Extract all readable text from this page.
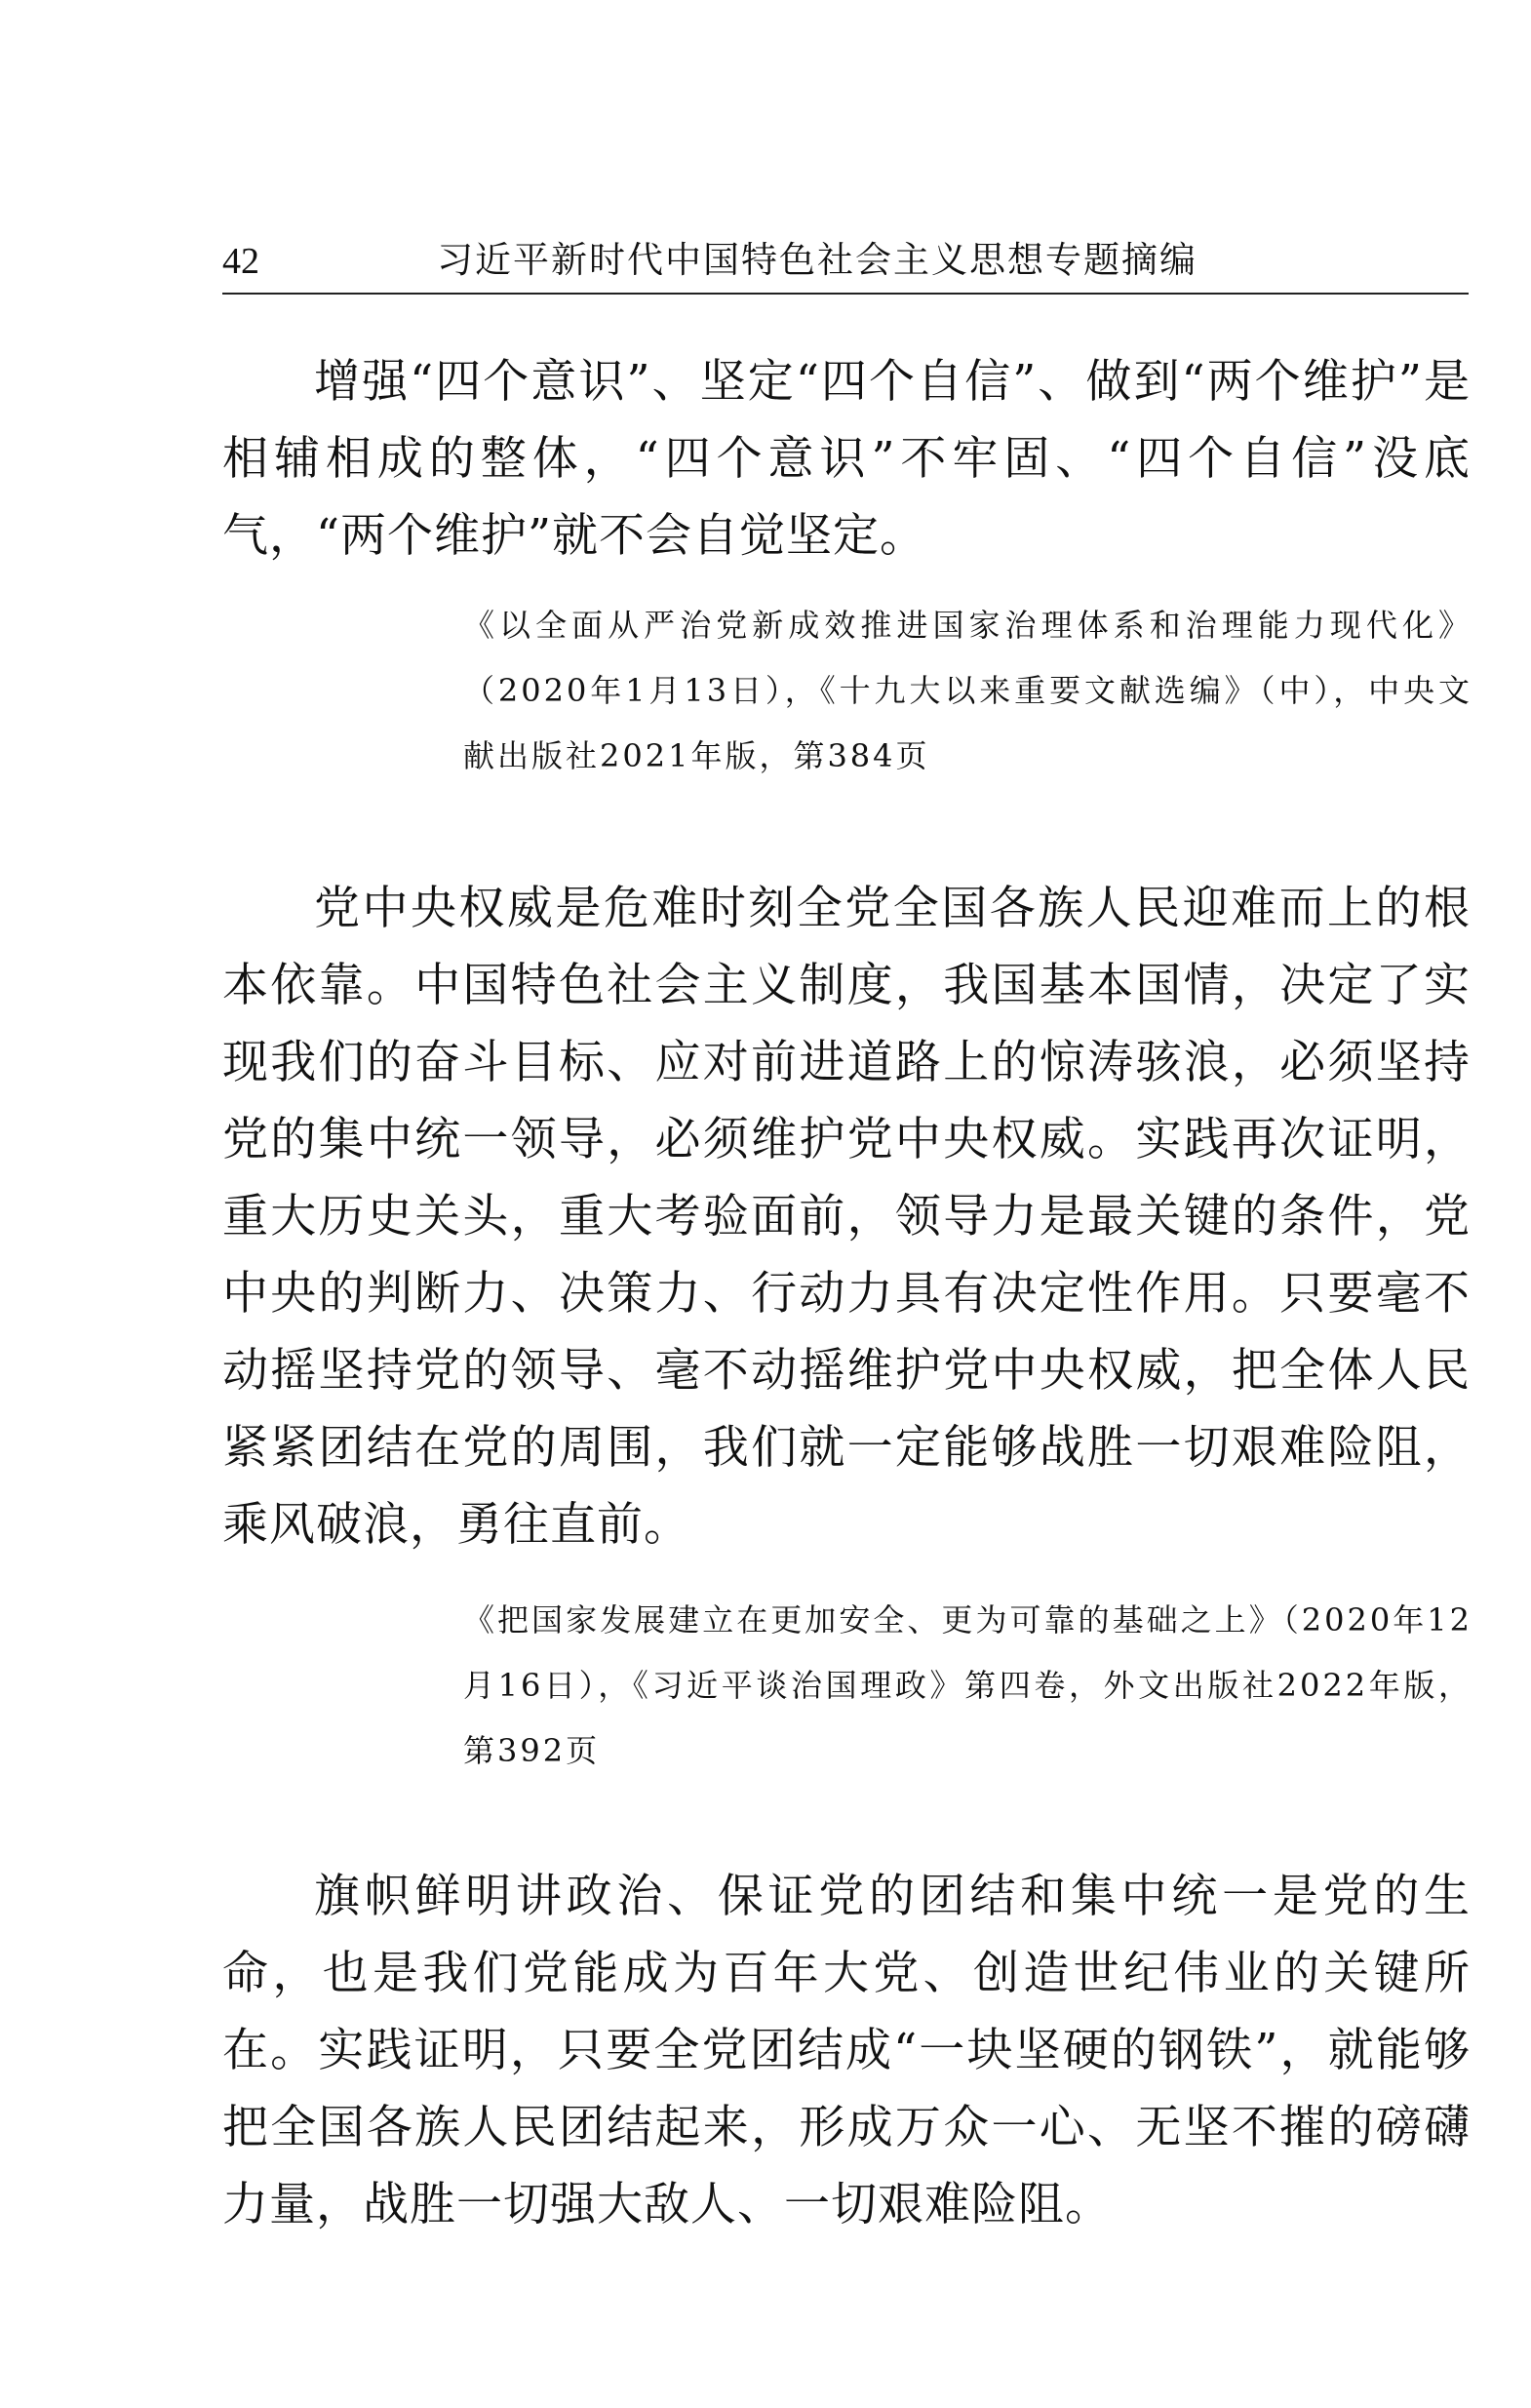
42	习近平新时代中国特色社会主义思想专题摘编

增强“四个意识”、坚定“四个自信”、做到“两个维护”是相辅相成的整体，“四个意识”不牢固、“四个自信”没底气，“两个维护”就不会自觉坚定。

《以全面从严治党新成效推进国家治理体系和治理能力现代化》（2020年1月13日），《十九大以来重要文献选编》（中），中央文献出版社2021年版，第384页

党中央权威是危难时刻全党全国各族人民迎难而上的根本依靠。中国特色社会主义制度，我国基本国情，决定了实现我们的奋斗目标、应对前进道路上的惊涛骇浪，必须坚持党的集中统一领导，必须维护党中央权威。实践再次证明，重大历史关头，重大考验面前，领导力是最关键的条件，党中央的判断力、决策力、行动力具有决定性作用。只要毫不动摇坚持党的领导、毫不动摇维护党中央权威，把全体人民紧紧团结在党的周围，我们就一定能够战胜一切艰难险阻，乘风破浪，勇往直前。

《把国家发展建立在更加安全、更为可靠的基础之上》（2020年12月16日），《习近平谈治国理政》第四卷，外文出版社2022年版，第392页

旗帜鲜明讲政治、保证党的团结和集中统一是党的生命，也是我们党能成为百年大党、创造世纪伟业的关键所在。实践证明，只要全党团结成“一块坚硬的钢铁”，就能够把全国各族人民团结起来，形成万众一心、无坚不摧的磅礴力量，战胜一切强大敌人、一切艰难险阻。
